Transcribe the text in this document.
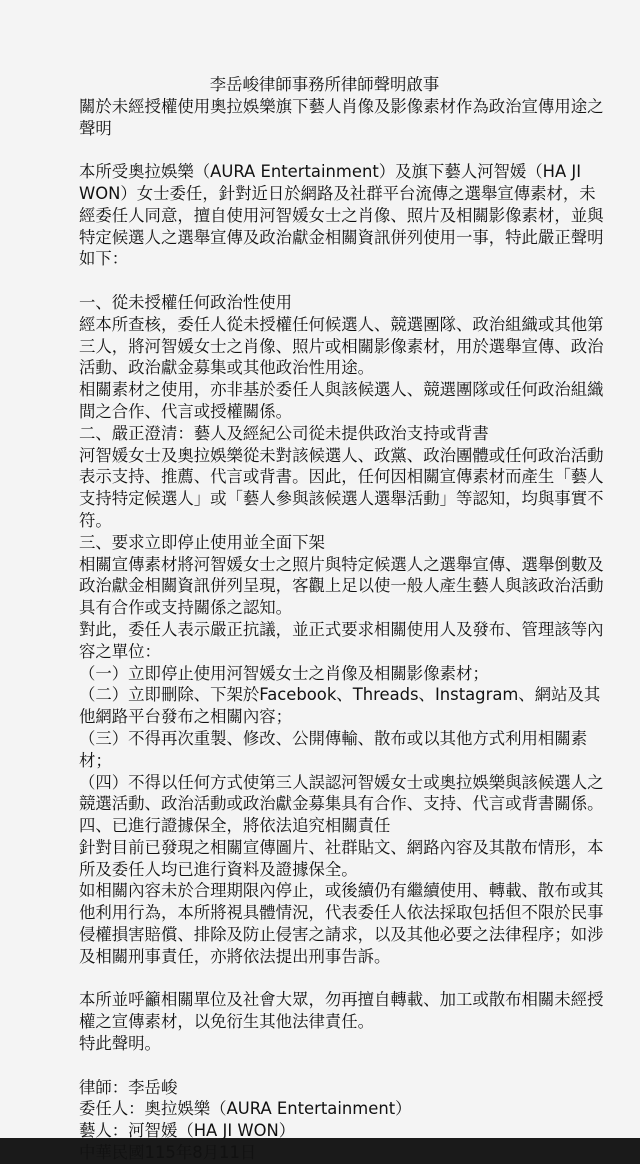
李岳峻律師事務所律師聲明啟事

關於未經授權使用奧拉娛樂旗下藝人肖像及影像素材作為政治宣傳用途之聲明

本所受奧拉娛樂（AURA Entertainment）及旗下藝人河智媛（HA JI WON）女士委任，針對近日於網路及社群平台流傳之選舉宣傳素材，未經委任人同意，擅自使用河智媛女士之肖像、照片及相關影像素材，並與特定候選人之選舉宣傳及政治獻金相關資訊併列使用一事，特此嚴正聲明如下：

一、從未授權任何政治性使用

經本所查核，委任人從未授權任何候選人、競選團隊、政治組織或其他第三人，將河智媛女士之肖像、照片或相關影像素材，用於選舉宣傳、政治活動、政治獻金募集或其他政治性用途。

相關素材之使用，亦非基於委任人與該候選人、競選團隊或任何政治組織間之合作、代言或授權關係。

二、嚴正澄清：藝人及經紀公司從未提供政治支持或背書

河智媛女士及奧拉娛樂從未對該候選人、政黨、政治團體或任何政治活動表示支持、推薦、代言或背書。因此，任何因相關宣傳素材而產生「藝人支持特定候選人」或「藝人參與該候選人選舉活動」等認知，均與事實不符。

三、要求立即停止使用並全面下架

相關宣傳素材將河智媛女士之照片與特定候選人之選舉宣傳、選舉倒數及政治獻金相關資訊併列呈現，客觀上足以使一般人產生藝人與該政治活動具有合作或支持關係之認知。

對此，委任人表示嚴正抗議，並正式要求相關使用人及發布、管理該等內容之單位：

（一）立即停止使用河智媛女士之肖像及相關影像素材；

（二）立即刪除、下架於Facebook、Threads、Instagram、網站及其他網路平台發布之相關內容；

（三）不得再次重製、修改、公開傳輸、散布或以其他方式利用相關素材；

（四）不得以任何方式使第三人誤認河智媛女士或奧拉娛樂與該候選人之競選活動、政治活動或政治獻金募集具有合作、支持、代言或背書關係。

四、已進行證據保全，將依法追究相關責任

針對目前已發現之相關宣傳圖片、社群貼文、網路內容及其散布情形，本所及委任人均已進行資料及證據保全。

如相關內容未於合理期限內停止，或後續仍有繼續使用、轉載、散布或其他利用行為，本所將視具體情況，代表委任人依法採取包括但不限於民事侵權損害賠償、排除及防止侵害之請求，以及其他必要之法律程序；如涉及相關刑事責任，亦將依法提出刑事告訴。

本所並呼籲相關單位及社會大眾，勿再擅自轉載、加工或散布相關未經授權之宣傳素材，以免衍生其他法律責任。

特此聲明。

律師：李岳峻

委任人：奧拉娛樂（AURA Entertainment）

藝人：河智媛（HA JI WON）

中華民國115年8月11日
